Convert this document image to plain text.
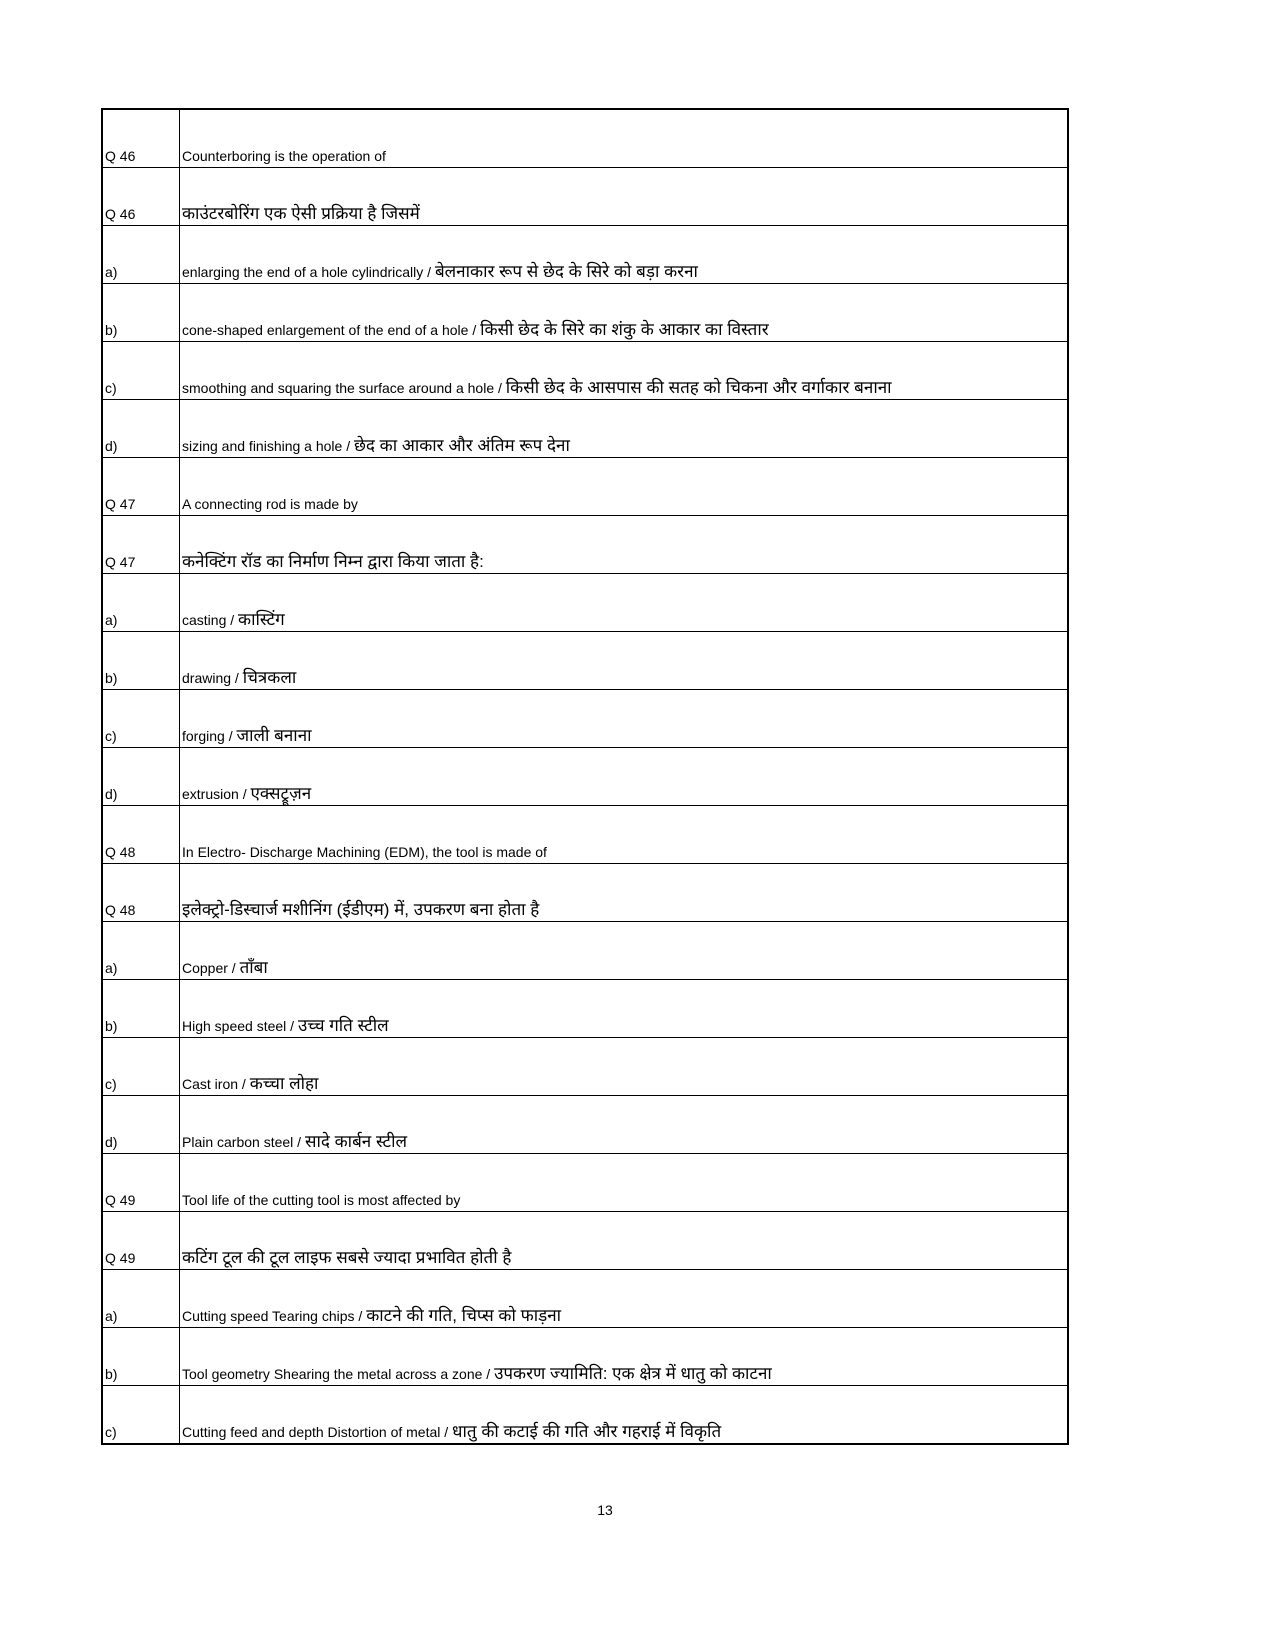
Q 46	Counterboring is the operation of
Q 46	काउंटरबोरिंग एक ऐसी प्रक्रिया है जिसमें
a)	enlarging the end of a hole cylindrically / बेलनाकार रूप से छेद के सिरे को बड़ा करना
b)	cone-shaped enlargement of the end of a hole / किसी छेद के सिरे का शंकु के आकार का विस्तार
c)	smoothing and squaring the surface around a hole / किसी छेद के आसपास की सतह को चिकना और वर्गाकार बनाना
d)	sizing and finishing a hole / छेद का आकार और अंतिम रूप देना
Q 47	A connecting rod is made by
Q 47	कनेक्टिंग रॉड का निर्माण निम्न द्वारा किया जाता है:
a)	casting / कास्टिंग
b)	drawing / चित्रकला
c)	forging / जाली बनाना
d)	extrusion / एक्सट्रूज़न
Q 48	In Electro- Discharge Machining (EDM), the tool is made of
Q 48	इलेक्ट्रो-डिस्चार्ज मशीनिंग (ईडीएम) में, उपकरण बना होता है
a)	Copper / ताँबा
b)	High speed steel / उच्च गति स्टील
c)	Cast iron / कच्चा लोहा
d)	Plain carbon steel / सादे कार्बन स्टील
Q 49	Tool life of the cutting tool is most affected by
Q 49	कटिंग टूल की टूल लाइफ सबसे ज्यादा प्रभावित होती है
a)	Cutting speed Tearing chips / काटने की गति, चिप्स को फाड़ना
b)	Tool geometry Shearing the metal across a zone / उपकरण ज्यामिति: एक क्षेत्र में धातु को काटना
c)	Cutting feed and depth Distortion of metal / धातु की कटाई की गति और गहराई में विकृति
13
